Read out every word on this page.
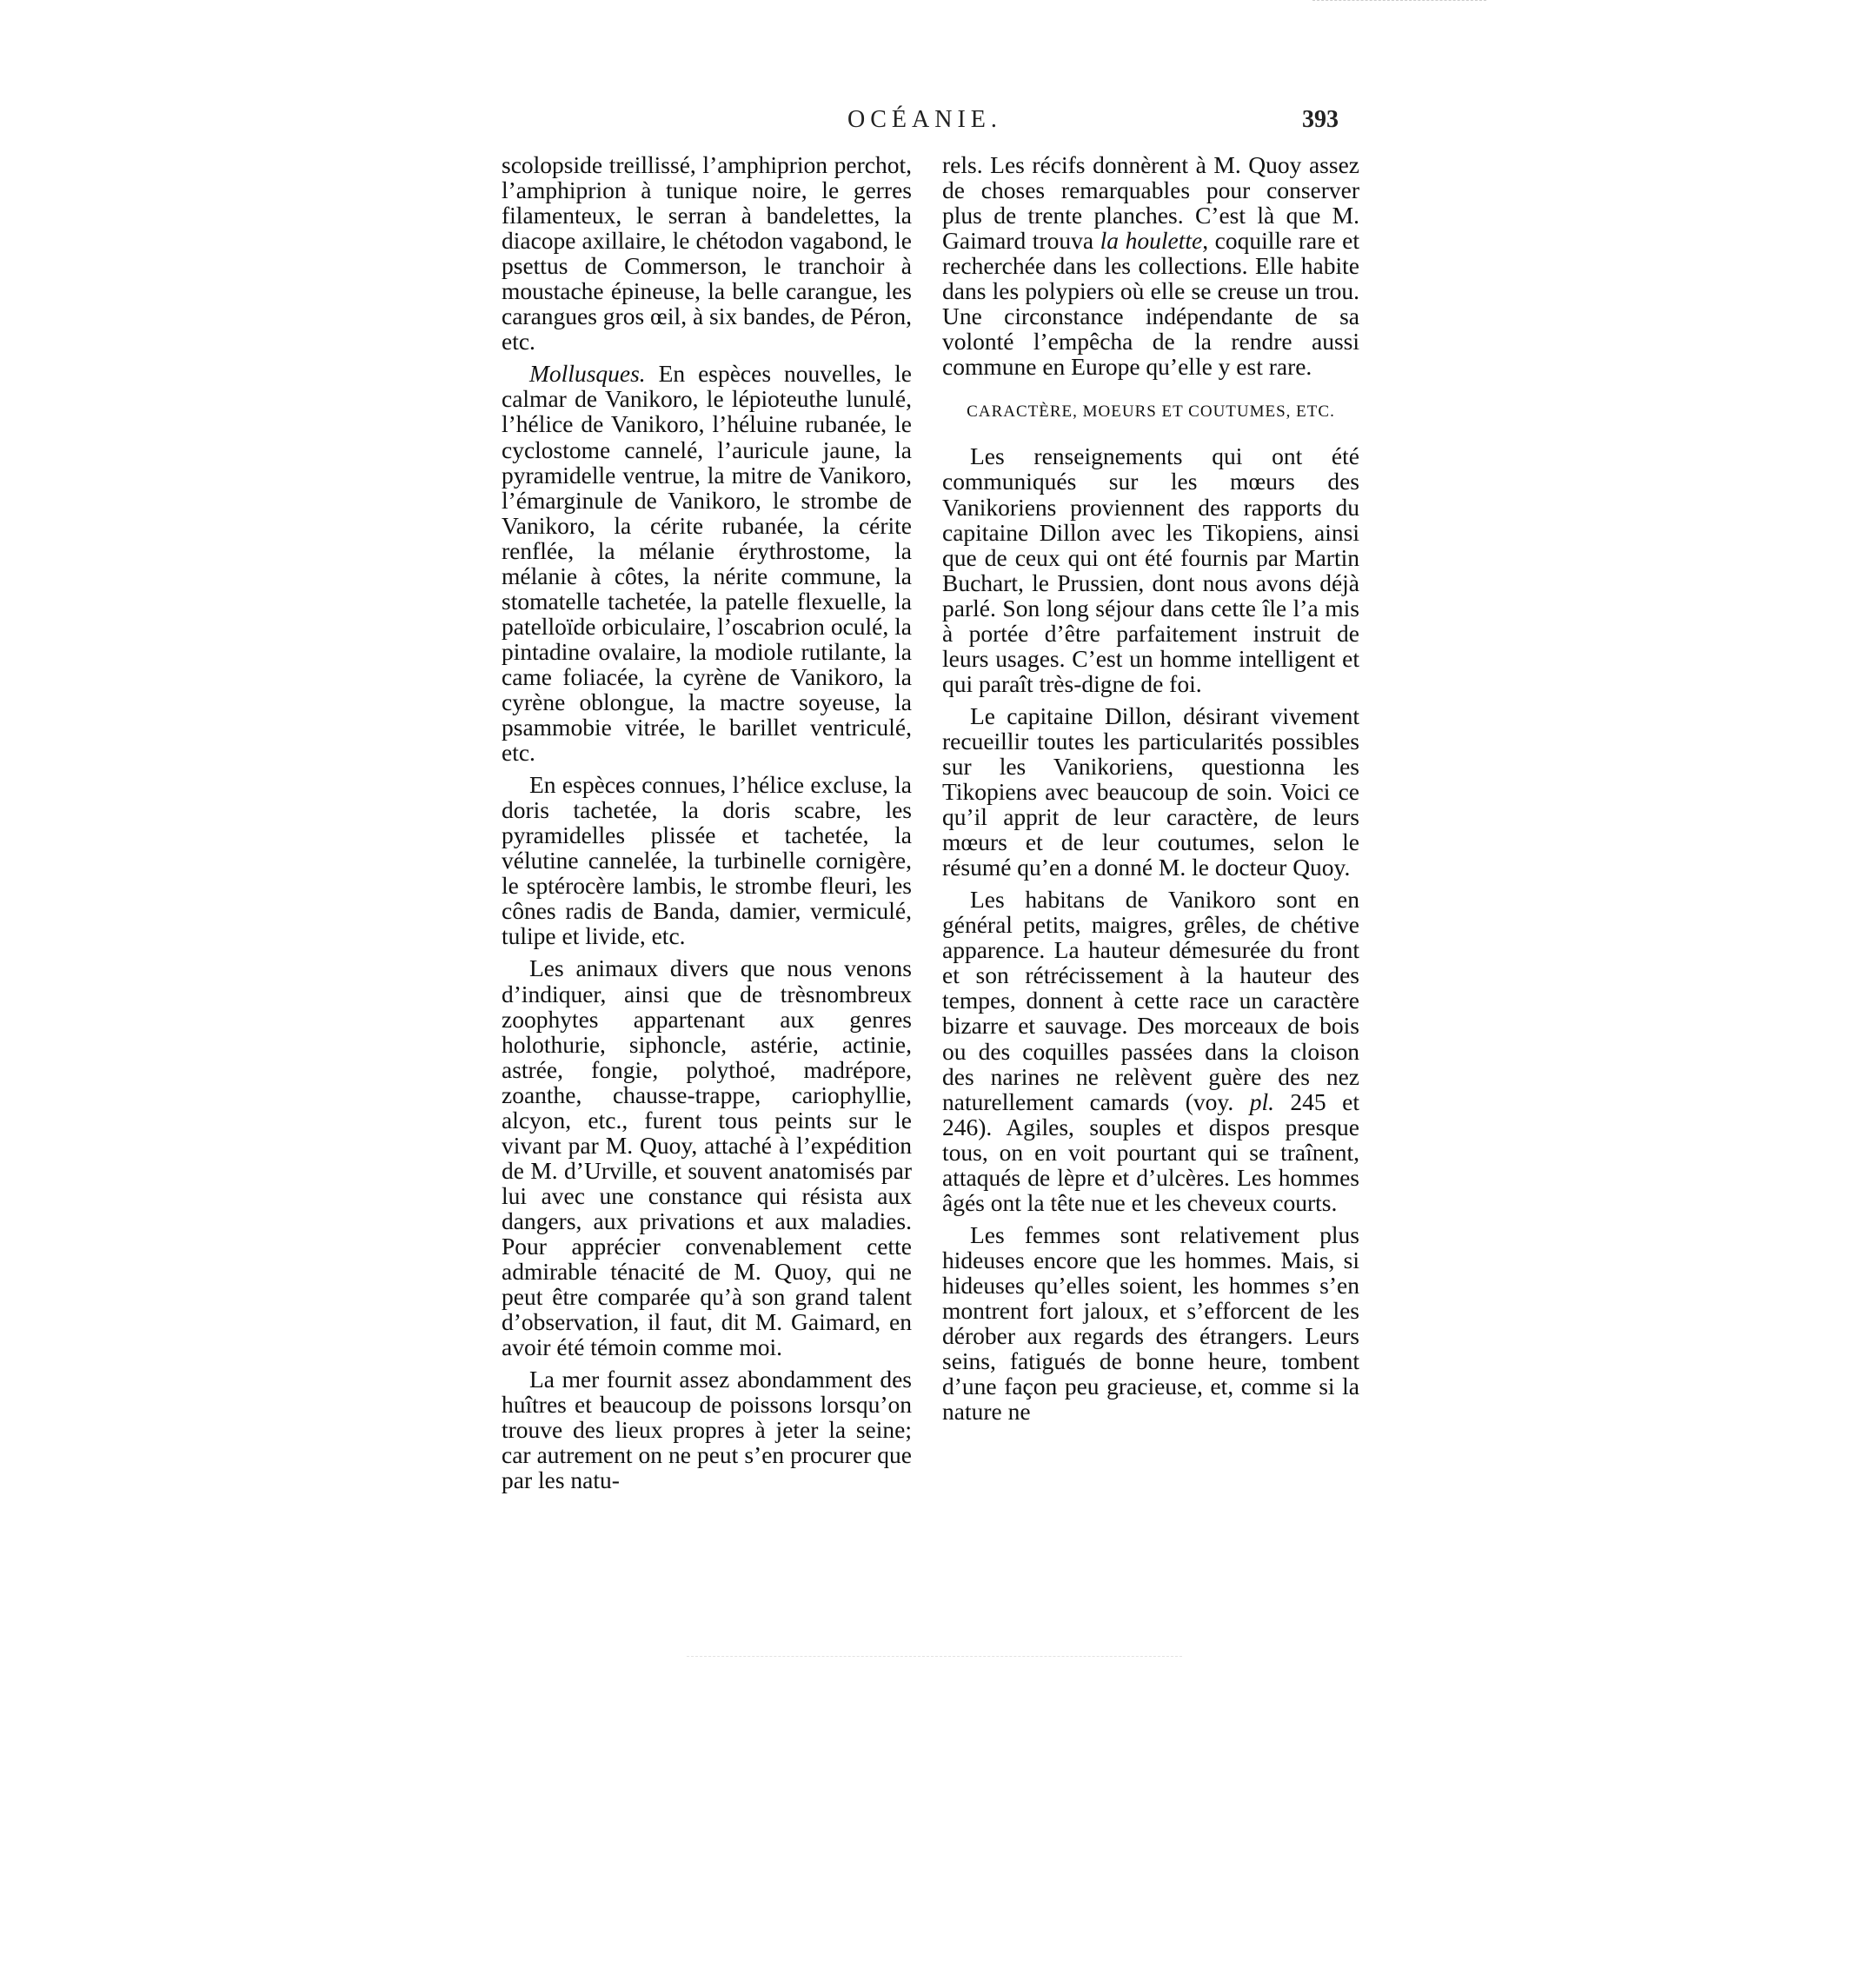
OCÉANIE.	393

scolopside treillissé, l’amphiprion perchot, l’amphiprion à tunique noire, le gerres filamenteux, le serran à bandelettes, la diacope axillaire, le chétodon vagabond, le psettus de Commerson, le tranchoir à moustache épineuse, la belle carangue, les carangues gros œil, à six bandes, de Péron, etc.

Mollusques. En espèces nouvelles, le calmar de Vanikoro, le lépioteuthe lunulé, l’hélice de Vanikoro, l’héluine rubanée, le cyclostome cannelé, l’auricule jaune, la pyramidelle ventrue, la mitre de Vanikoro, l’émarginule de Vanikoro, le strombe de Vanikoro, la cérite rubanée, la cérite renflée, la mélanie érythrostome, la mélanie à côtes, la nérite commune, la stomatelle tachetée, la patelle flexuelle, la patelloïde orbiculaire, l’oscabrion oculé, la pintadine ovalaire, la modiole rutilante, la came foliacée, la cyrène de Vanikoro, la cyrène oblongue, la mactre soyeuse, la psammobie vitrée, le barillet ventriculé, etc.

En espèces connues, l’hélice excluse, la doris tachetée, la doris scabre, les pyramidelles plissée et tachetée, la vélutine cannelée, la turbinelle cornigère, le sptérocère lambis, le strombe fleuri, les cônes radis de Banda, damier, vermiculé, tulipe et livide, etc.

Les animaux divers que nous venons d’indiquer, ainsi que de trèsnombreux zoophytes appartenant aux genres holothurie, siphoncle, astérie, actinie, astrée, fongie, polythoé, madrépore, zoanthe, chausse-trappe, cariophyllie, alcyon, etc., furent tous peints sur le vivant par M. Quoy, attaché à l’expédition de M. d’Urville, et souvent anatomisés par lui avec une constance qui résista aux dangers, aux privations et aux maladies. Pour apprécier convenablement cette admirable ténacité de M. Quoy, qui ne peut être comparée qu’à son grand talent d’observation, il faut, dit M. Gaimard, en avoir été témoin comme moi.

La mer fournit assez abondamment des huîtres et beaucoup de poissons lorsqu’on trouve des lieux propres à jeter la seine; car autrement on ne peut s’en procurer que par les natu-

rels. Les récifs donnèrent à M. Quoy assez de choses remarquables pour conserver plus de trente planches. C’est là que M. Gaimard trouva la houlette, coquille rare et recherchée dans les collections. Elle habite dans les polypiers où elle se creuse un trou. Une circonstance indépendante de sa volonté l’empêcha de la rendre aussi commune en Europe qu’elle y est rare.

CARACTÈRE, MOEURS ET COUTUMES, ETC.

Les renseignements qui ont été communiqués sur les mœurs des Vanikoriens proviennent des rapports du capitaine Dillon avec les Tikopiens, ainsi que de ceux qui ont été fournis par Martin Buchart, le Prussien, dont nous avons déjà parlé. Son long séjour dans cette île l’a mis à portée d’être parfaitement instruit de leurs usages. C’est un homme intelligent et qui paraît très-digne de foi.

Le capitaine Dillon, désirant vivement recueillir toutes les particularités possibles sur les Vanikoriens, questionna les Tikopiens avec beaucoup de soin. Voici ce qu’il apprit de leur caractère, de leurs mœurs et de leur coutumes, selon le résumé qu’en a donné M. le docteur Quoy.

Les habitans de Vanikoro sont en général petits, maigres, grêles, de chétive apparence. La hauteur démesurée du front et son rétrécissement à la hauteur des tempes, donnent à cette race un caractère bizarre et sauvage. Des morceaux de bois ou des coquilles passées dans la cloison des narines ne relèvent guère des nez naturellement camards (voy. pl. 245 et 246). Agiles, souples et dispos presque tous, on en voit pourtant qui se traînent, attaqués de lèpre et d’ulcères. Les hommes âgés ont la tête nue et les cheveux courts.

Les femmes sont relativement plus hideuses encore que les hommes. Mais, si hideuses qu’elles soient, les hommes s’en montrent fort jaloux, et s’efforcent de les dérober aux regards des étrangers. Leurs seins, fatigués de bonne heure, tombent d’une façon peu gracieuse, et, comme si la nature ne
